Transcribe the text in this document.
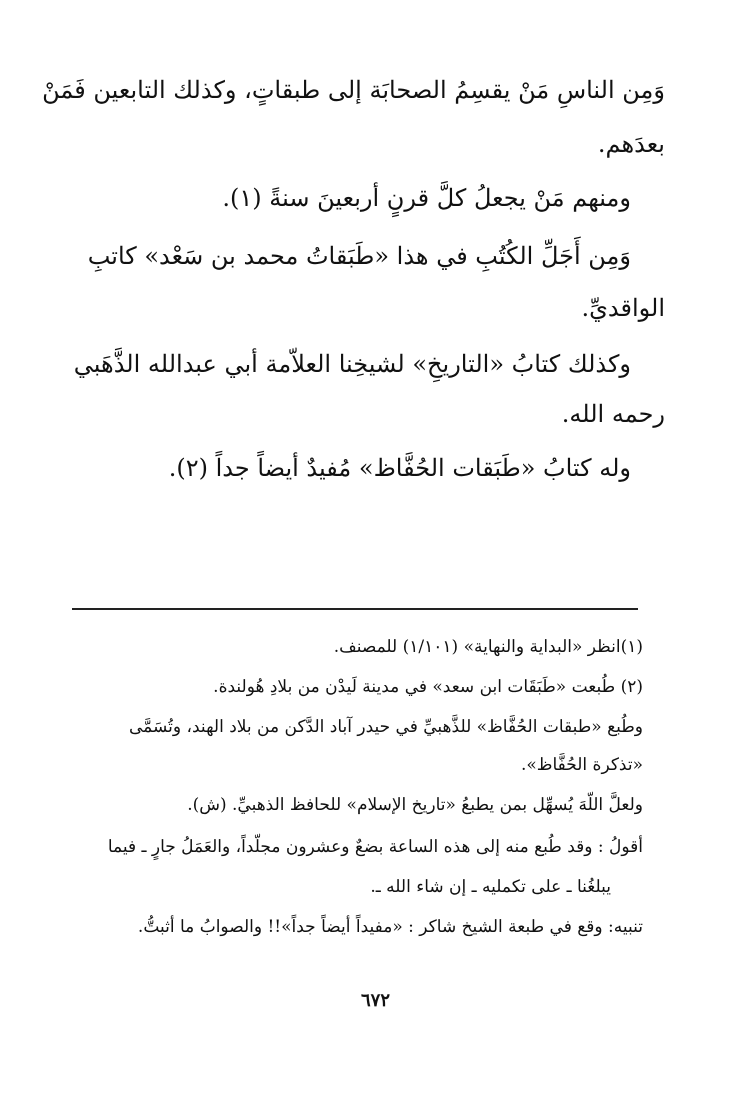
وَمِن الناسِ مَنْ يقسِمُ الصحابَة إلى طبقاتٍ، وكذلك التابعين فَمَنْ
بعدَهم.
ومنهم مَنْ يجعلُ كلَّ قرنٍ أربعينَ سنةً (١).
وَمِن أَجَلِّ الكُتُبِ في هذا «طَبَقاتُ محمد بن سَعْد» كاتبِ
الواقديِّ.
وكذلك كتابُ «التاريخِ» لشيخِنا العلاّمة أبي عبدالله الذَّهَبي
رحمه الله.
وله كتابُ «طَبَقات الحُفَّاظ» مُفيدٌ أيضاً جداً (٢).
(١)انظر «البداية والنهاية» (١/١٠١) للمصنف.
(٢) طُبعت «طَبَقَات ابن سعد» في مدينة لَيدْن من بلادِ هُولندة.
وطُبع «طبقات الحُفَّاظ» للذَّهبيِّ في حيدر آباد الدَّكن من بلاد الهند، وتُسَمَّى
«تذكرة الحُفَّاظ».
ولعلَّ اللّهَ يُسهِّل بمن يطبعُ «تاريخ الإسلام» للحافظ الذهبيِّ. (ش).
أقولُ : وقد طُبع منه إلى هذه الساعة بضعٌ وعشرون مجلّداً، والعَمَلُ جارٍ ـ فيما
يبلغُنا ـ على تكمليه ـ إن شاء الله ـ.
تنبيه: وقع في طبعة الشيخ شاكر : «مفيداً أيضاً جداً»!! والصوابُ ما أثبتُّ.
٦٧٢
